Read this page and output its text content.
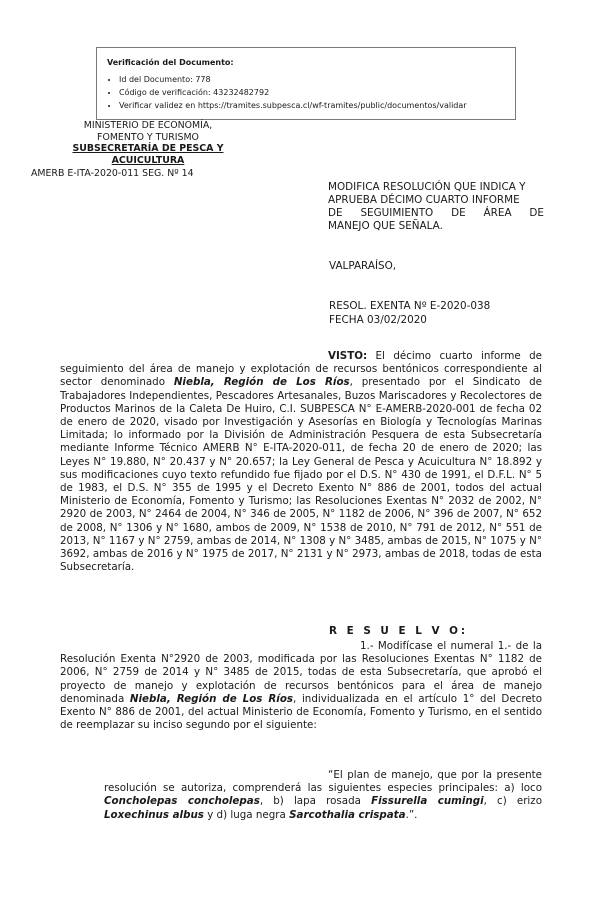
Verificación del Documento:
• Id del Documento: 778
• Código de verificación: 43232482792
• Verificar validez en https://tramites.subpesca.cl/wf-tramites/public/documentos/validar
MINISTERIO DE ECONOMÍA,
FOMENTO Y TURISMO
SUBSECRETARÍA DE PESCA Y
ACUICULTURA
AMERB E-ITA-2020-011 SEG. Nº 14
MODIFICA RESOLUCIÓN QUE INDICA Y
APRUEBA DÉCIMO CUARTO INFORME
DE SEGUIMIENTO DE ÁREA DE
MANEJO QUE SEÑALA.
VALPARAÍSO,
RESOL. EXENTA Nº E-2020-038
FECHA 03/02/2020
VISTO: El décimo cuarto informe de seguimiento del área de manejo y explotación de recursos bentónicos correspondiente al sector denominado Niebla, Región de Los Ríos, presentado por el Sindicato de Trabajadores Independientes, Pescadores Artesanales, Buzos Mariscadores y Recolectores de Productos Marinos de la Caleta De Huiro, C.I. SUBPESCA N° E-AMERB-2020-001 de fecha 02 de enero de 2020, visado por Investigación y Asesorías en Biología y Tecnologías Marinas Limitada; lo informado por la División de Administración Pesquera de esta Subsecretaría mediante Informe Técnico AMERB N° E-ITA-2020-011, de fecha 20 de enero de 2020; las Leyes N° 19.880, N° 20.437 y N° 20.657; la Ley General de Pesca y Acuicultura N° 18.892 y sus modificaciones cuyo texto refundido fue fijado por el D.S. N° 430 de 1991, el D.F.L. N° 5 de 1983, el D.S. N° 355 de 1995 y el Decreto Exento N° 886 de 2001, todos del actual Ministerio de Economía, Fomento y Turismo; las Resoluciones Exentas N° 2032 de 2002, N° 2920 de 2003, N° 2464 de 2004, N° 346 de 2005, N° 1182 de 2006, N° 396 de 2007, N° 652 de 2008, N° 1306 y N° 1680, ambos de 2009, N° 1538 de 2010, N° 791 de 2012, N° 551 de 2013, N° 1167 y N° 2759, ambas de 2014, N° 1308 y N° 3485, ambas de 2015, N° 1075 y N° 3692, ambas de 2016 y N° 1975 de 2017, N° 2131 y N° 2973, ambas de 2018, todas de esta Subsecretaría.
R E S U E L V O:
1.- Modifícase el numeral 1.- de la Resolución Exenta N°2920 de 2003, modificada por las Resoluciones Exentas N° 1182 de 2006, N° 2759 de 2014 y N° 3485 de 2015, todas de esta Subsecretaría, que aprobó el proyecto de manejo y explotación de recursos bentónicos para el área de manejo denominada Niebla, Región de Los Ríos, individualizada en el artículo 1° del Decreto Exento N° 886 de 2001, del actual Ministerio de Economía, Fomento y Turismo, en el sentido de reemplazar su inciso segundo por el siguiente:
“El plan de manejo, que por la presente resolución se autoriza, comprenderá las siguientes especies principales: a) loco Concholepas concholepas, b) lapa rosada Fissurella cumingi, c) erizo Loxechinus albus y d) luga negra Sarcothalia crispata.”.
